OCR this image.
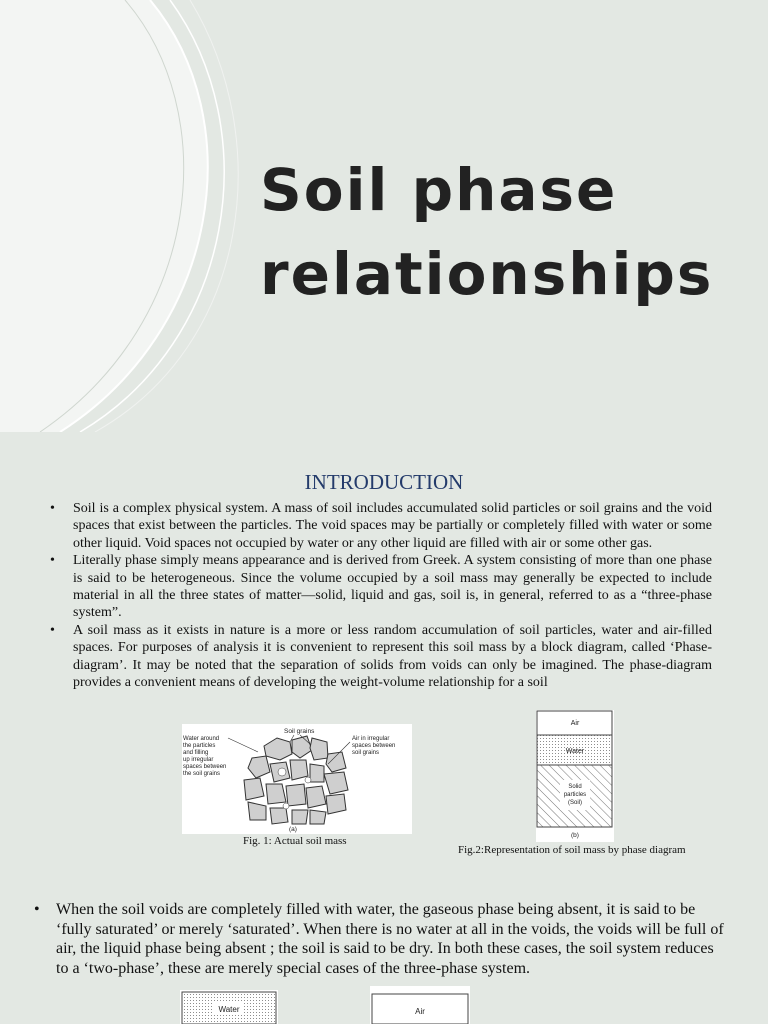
Soil phase
relationships
INTRODUCTION
• Soil is a complex physical system. A mass of soil includes accumulated solid particles or soil grains and the void spaces that exist between the particles. The void spaces may be partially or completely filled with water or some other liquid. Void spaces not occupied by water or any other liquid are filled with air or some other gas.
• Literally phase simply means appearance and is derived from Greek. A system consisting of more than one phase is said to be heterogeneous. Since the volume occupied by a soil mass may generally be expected to include material in all the three states of matter—solid, liquid and gas, soil is, in general, referred to as a “three-phase system”.
• A soil mass as it exists in nature is a more or less random accumulation of soil particles, water and air-filled spaces. For purposes of analysis it is convenient to represent this soil mass by a block diagram, called ‘Phase-diagram’. It may be noted that the separation of solids from voids can only be imagined. The phase-diagram provides a convenient means of developing the weight-volume relationship for a soil
Soil grains
Water around
the particles
and filling
up irregular
spaces between
the soil grains
Air in irregular
spaces between
soil grains
(a)
Fig. 1: Actual soil mass
Air
Water
Solid
particles
(Soil)
(b)
Fig.2:Representation of soil mass by phase diagram
• When the soil voids are completely filled with water, the gaseous phase being absent, it is said to be ‘fully saturated’ or merely ‘saturated’. When there is no water at all in the voids, the voids will be full of air, the liquid phase being absent ; the soil is said to be dry. In both these cases, the soil system reduces to a ‘two-phase’, these are merely special cases of the three-phase system.
Water	Air
